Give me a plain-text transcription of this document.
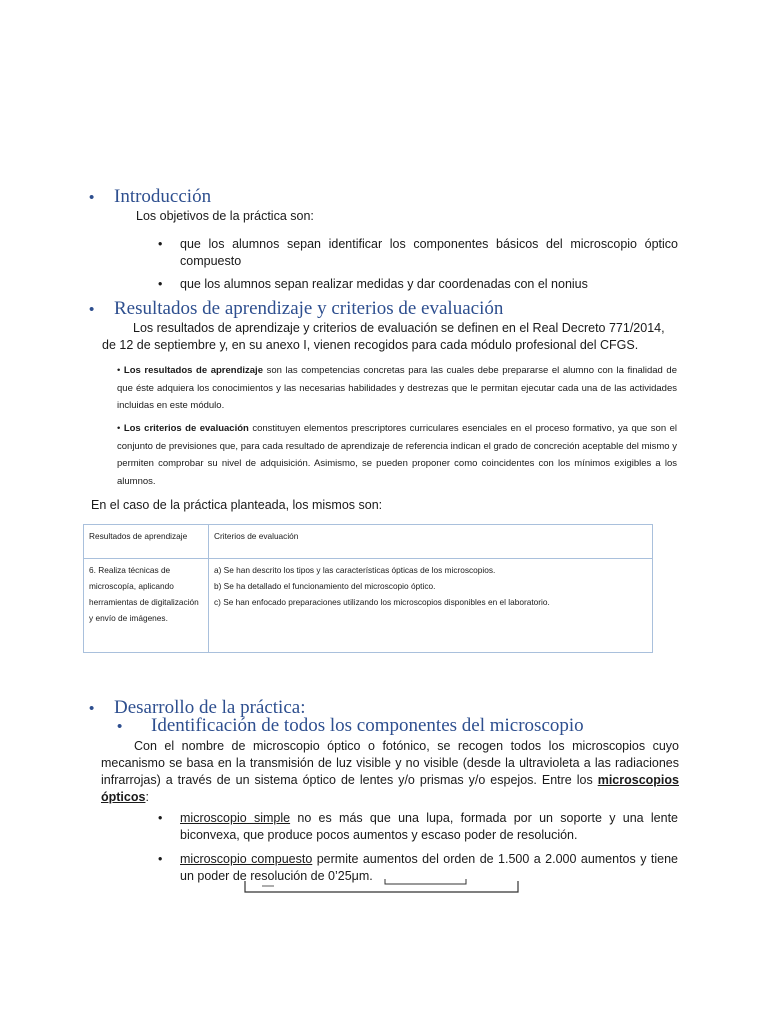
•	Introducción
Los objetivos de la práctica son:
•	que los alumnos sepan identificar los componentes básicos del microscopio óptico compuesto
•	que los alumnos sepan realizar medidas y dar coordenadas con el nonius
•	Resultados de aprendizaje y criterios de evaluación
Los resultados de aprendizaje y criterios de evaluación se definen en el Real Decreto 771/2014, de 12 de septiembre y, en su anexo I, vienen recogidos para cada módulo profesional del CFGS.
• Los resultados de aprendizaje son las competencias concretas para las cuales debe prepararse el alumno con la finalidad de que éste adquiera los conocimientos y las necesarias habilidades y destrezas que le permitan ejecutar cada una de las actividades incluidas en este módulo.
• Los criterios de evaluación constituyen elementos prescriptores curriculares esenciales en el proceso formativo, ya que son el conjunto de previsiones que, para cada resultado de aprendizaje de referencia indican el grado de concreción aceptable del mismo y permiten comprobar su nivel de adquisición. Asimismo, se pueden proponer como coincidentes con los mínimos exigibles a los alumnos.
En el caso de la práctica planteada, los mismos son:
Resultados de aprendizaje	Criterios de evaluación
6. Realiza técnicas de microscopía, aplicando herramientas de digitalización y envío de imágenes.	a) Se han descrito los tipos y las características ópticas de los microscopios.
b) Se ha detallado el funcionamiento del microscopio óptico.
c) Se han enfocado preparaciones utilizando los microscopios disponibles en el laboratorio.
•	Desarrollo de la práctica:
•	Identificación de todos los componentes del microscopio
Con el nombre de microscopio óptico o fotónico, se recogen todos los microscopios cuyo mecanismo se basa en la transmisión de luz visible y no visible (desde la ultravioleta a las radiaciones infrarrojas) a través de un sistema óptico de lentes y/o prismas y/o espejos. Entre los microscopios ópticos:
•	microscopio simple no es más que una lupa, formada por un soporte y una lente biconvexa, que produce pocos aumentos y escaso poder de resolución.
•	microscopio compuesto permite aumentos del orden de 1.500 a 2.000 aumentos y tiene un poder de resolución de 0’25μm.
